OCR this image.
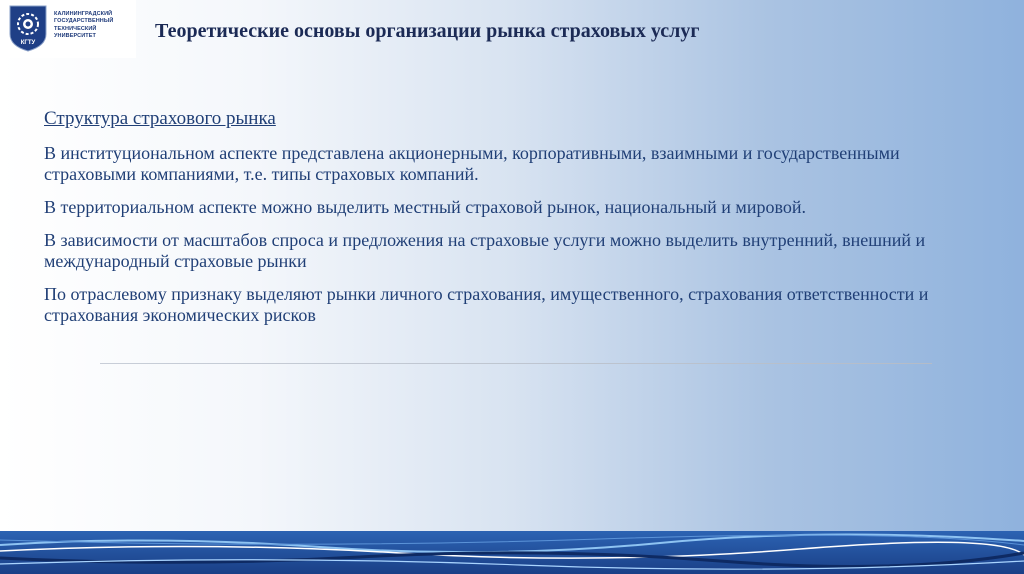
КГТУ
КАЛИНИНГРАДСКИЙ
ГОСУДАРСТВЕННЫЙ
ТЕХНИЧЕСКИЙ
УНИВЕРСИТЕТ	Теоретические основы организации рынка страховых услуг
Структура страхового рынка
В институциональном аспекте представлена акционерными, корпоративными, взаимными и государственными страховыми компаниями, т.е. типы страховых компаний.
В территориальном аспекте можно выделить местный страховой рынок, национальный и мировой.
В зависимости от масштабов спроса и предложения на страховые услуги можно выделить внутренний, внешний и международный страховые рынки
По отраслевому признаку выделяют рынки личного страхования, имущественного, страхования ответственности и страхования экономических рисков
